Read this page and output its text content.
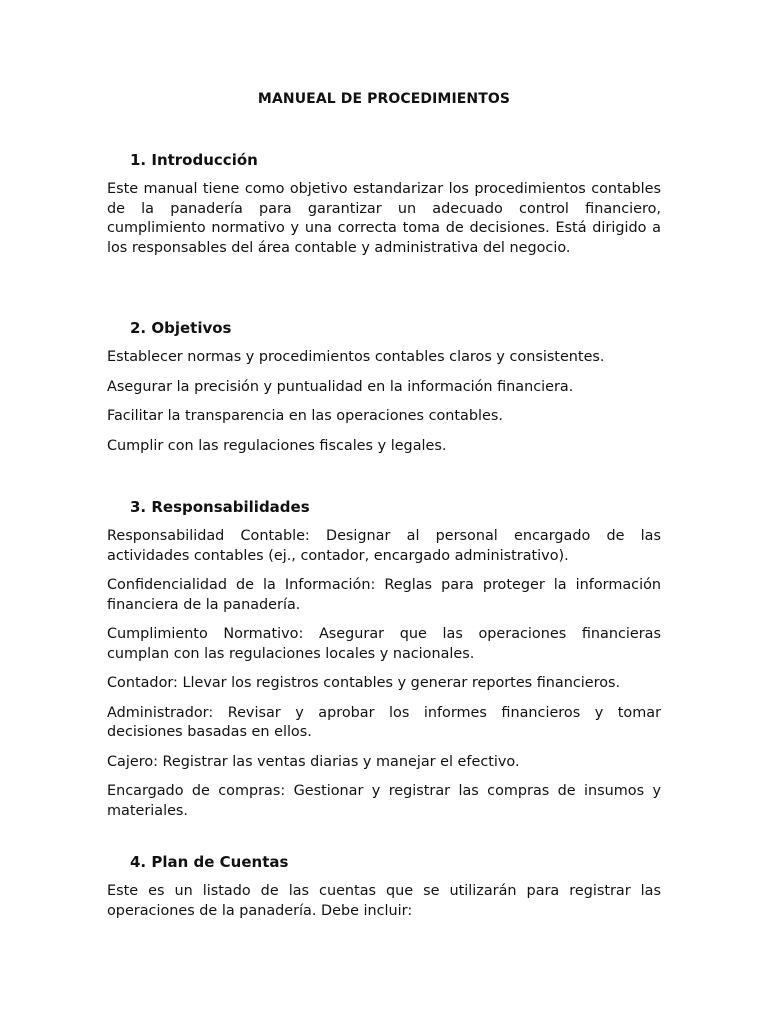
MANUEAL DE PROCEDIMIENTOS
1. Introducción

Este manual tiene como objetivo estandarizar los procedimientos contables de la panadería para garantizar un adecuado control financiero, cumplimiento normativo y una correcta toma de decisiones. Está dirigido a los responsables del área contable y administrativa del negocio.

2. Objetivos

Establecer normas y procedimientos contables claros y consistentes.

Asegurar la precisión y puntualidad en la información financiera.

Facilitar la transparencia en las operaciones contables.

Cumplir con las regulaciones fiscales y legales.

3. Responsabilidades

Responsabilidad Contable: Designar al personal encargado de las actividades contables (ej., contador, encargado administrativo).

Confidencialidad de la Información: Reglas para proteger la información financiera de la panadería.

Cumplimiento Normativo: Asegurar que las operaciones financieras cumplan con las regulaciones locales y nacionales.

Contador: Llevar los registros contables y generar reportes financieros.

Administrador: Revisar y aprobar los informes financieros y tomar decisiones basadas en ellos.

Cajero: Registrar las ventas diarias y manejar el efectivo.

Encargado de compras: Gestionar y registrar las compras de insumos y materiales.

4. Plan de Cuentas

Este es un listado de las cuentas que se utilizarán para registrar las operaciones de la panadería. Debe incluir:
